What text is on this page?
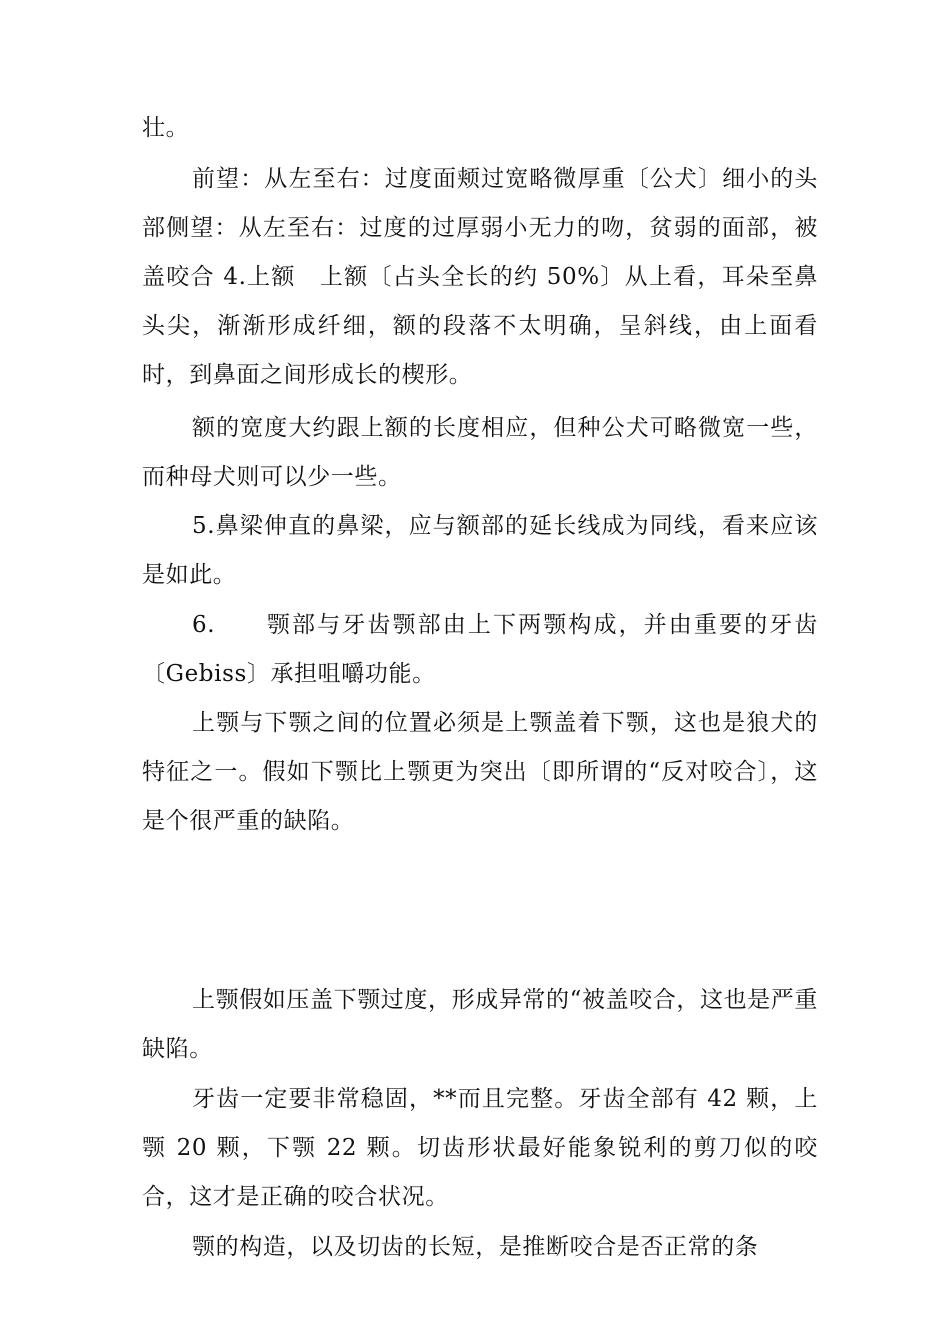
壮。

前望：从左至右：过度面颊过宽略微厚重〔公犬〕细小的头部侧望：从左至右：过度的过厚弱小无力的吻，贫弱的面部，被盖咬合 4.上额　上额〔占头全长的约 50%〕从上看，耳朵至鼻头尖，渐渐形成纤细，额的段落不太明确，呈斜线，由上面看时，到鼻面之间形成长的楔形。

额的宽度大约跟上额的长度相应，但种公犬可略微宽一些，而种母犬则可以少一些。

5.鼻梁伸直的鼻梁，应与额部的延长线成为同线，看来应该是如此。

6.　　颚部与牙齿颚部由上下两颚构成，并由重要的牙齿〔Gebiss〕承担咀嚼功能。

上颚与下颚之间的位置必须是上颚盖着下颚，这也是狼犬的特征之一。假如下颚比上颚更为突出〔即所谓的“反对咬合〕，这是个很严重的缺陷。

上颚假如压盖下颚过度，形成异常的“被盖咬合，这也是严重缺陷。

牙齿一定要非常稳固，**而且完整。牙齿全部有 42 颗，上颚 20 颗，下颚 22 颗。切齿形状最好能象锐利的剪刀似的咬合，这才是正确的咬合状况。

颚的构造，以及切齿的长短，是推断咬合是否正常的条
